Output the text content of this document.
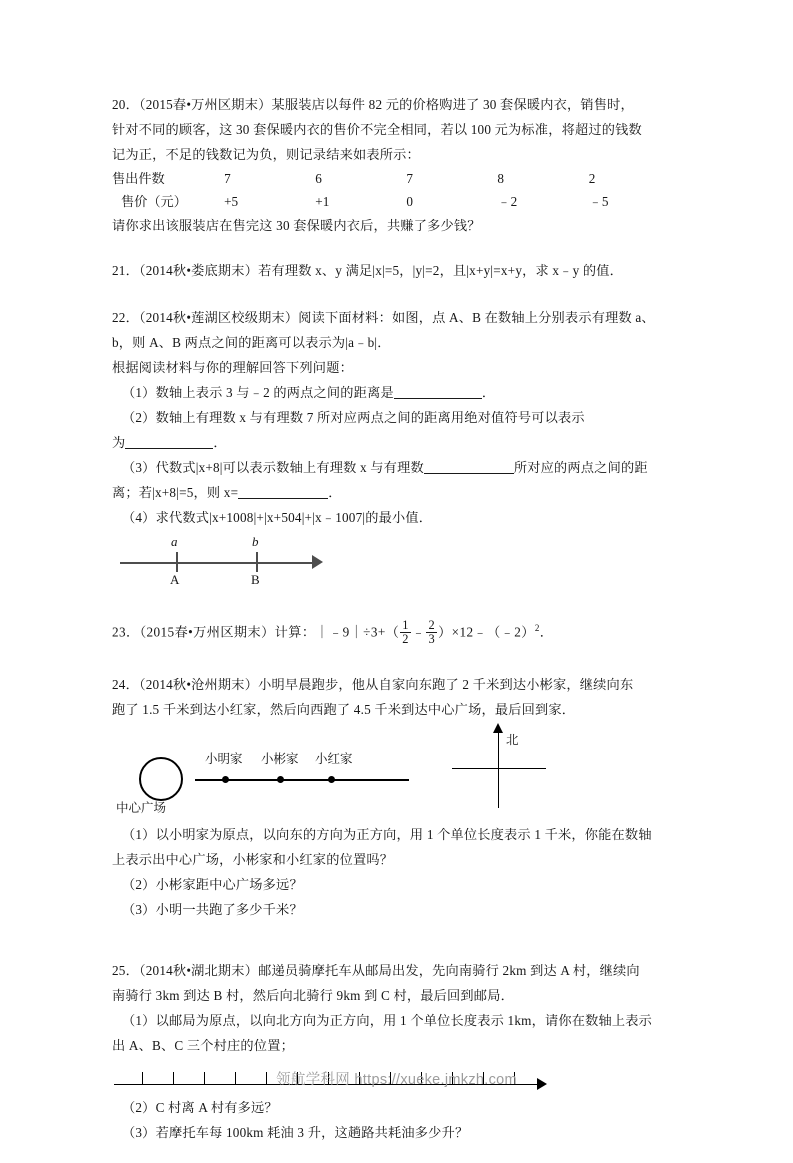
20．（2015春•万州区期末）某服装店以每件 82 元的价格购进了 30 套保暖内衣，销售时，
针对不同的顾客，这 30 套保暖内衣的售价不完全相同，若以 100 元为标准，将超过的钱数
记为正，不足的钱数记为负，则记录结来如表所示：
售出件数	7	6	7	8	2
售价（元）	+5	+1	0	﹣2	﹣5
请你求出该服装店在售完这 30 套保暖内衣后，共赚了多少钱？
21．（2014秋•娄底期末）若有理数 x、y 满足|x|=5，|y|=2，且|x+y|=x+y，求 x﹣y 的值．
22．（2014秋•莲湖区校级期末）阅读下面材料：如图，点 A、B 在数轴上分别表示有理数 a、
b，则 A、B 两点之间的距离可以表示为|a﹣b|．
根据阅读材料与你的理解回答下列问题：
（1）数轴上表示 3 与﹣2 的两点之间的距离是	．
（2）数轴上有理数 x 与有理数 7 所对应两点之间的距离用绝对值符号可以表示
为	．
（3）代数式|x+8|可以表示数轴上有理数 x 与有理数	所对应的两点之间的距
离；若|x+8|=5，则 x=	．
（4）求代数式|x+1008|+|x+504|+|x﹣1007|的最小值．
a	b
A	B
23．（2015春•万州区期末）计算：｜﹣9｜÷3+（ $\frac{1}{2}$ ﹣ $\frac{2}{3}$ ）×12﹣（﹣2）$^2$．
24．（2014秋•沧州期末）小明早晨跑步，他从自家向东跑了 2 千米到达小彬家，继续向东
跑了 1.5 千米到达小红家，然后向西跑了 4.5 千米到达中心广场，最后回到家．
小明家 小彬家 小红家
中心广场
北
（1）以小明家为原点，以向东的方向为正方向，用 1 个单位长度表示 1 千米，你能在数轴
上表示出中心广场，小彬家和小红家的位置吗？
（2）小彬家距中心广场多远？
（3）小明一共跑了多少千米？
25．（2014秋•湖北期末）邮递员骑摩托车从邮局出发，先向南骑行 2km 到达 A 村，继续向
南骑行 3km 到达 B 村，然后向北骑行 9km 到 C 村，最后回到邮局．
（1）以邮局为原点，以向北方向为正方向，用 1 个单位长度表示 1km，请你在数轴上表示
出 A、B、C 三个村庄的位置；
（2）C 村离 A 村有多远？
（3）若摩托车每 100km 耗油 3 升，这趟路共耗油多少升？
领航学科网 https://xueke.jmkzh.com
